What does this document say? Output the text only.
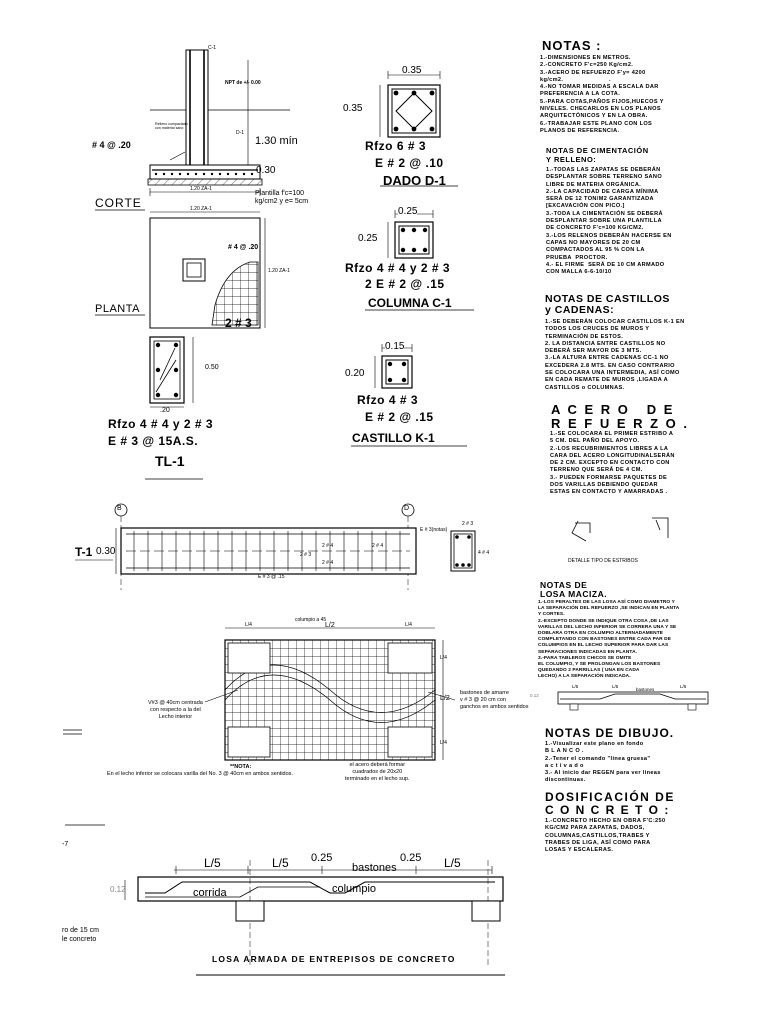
C-1
NPT de +/- 0.00
Relleno compactado con material sano
D-1
1.30 mín
# 4 @ .20
0.30
1.20 ZA-1
Plantilla f'c=100
kg/cm2 y e= 5cm
CORTE	1.20 ZA-1
1.20 ZA-1
# 4 @ .20
PLANTA
2 # 3
0.50
.20
Rfzo 4 # 4 y 2 # 3
E # 3 @ 15A.S.
TL-1
0.35
0.35
Rfzo 6 # 3
E # 2 @ .10
DADO D-1
0.25
0.25
Rfzo 4 # 4 y 2 # 3
2 E # 2 @ .15
COLUMNA C-1
0.15
0.20
Rfzo 4 # 3
E # 2 @ .15
CASTILLO K-1
B	D
T-1 0.30	2 # 4	2 # 4
2 # 3
2 # 4
E # 3 @ .15
E # 3(notas)
2 # 3
4 # 4
DETALLE TIPO DE ESTRIBOS
columpio a 45
L/4	L/2	L/4
L/4
L/2
L/4
V#3 @ 40cm centrada
con respecto a la del
Lecho interior
bastones de amarre
v # 3 @ 20 cm con
ganchos en ambos sentidos
el acero deberá formar
cuadrados de 20x20
terminado en el lecho sup.
**NOTA:
En el lecho inferior se colocara varilla del No. 3 @ 40cm en ambos sentidos.
L/5	L/5	L/5
bastones
0.12
-7
ro de 15 cm
le concreto
L/5	L/5	L/5
0.25	0.25
bastones
corrida	columpio
0.12
LOSA ARMADA DE ENTREPISOS DE CONCRETO
NOTAS :
1.-DIMENSIONES EN METROS.
2.-CONCRETO F'c=250 Kg/cm2.
3.-ACERO DE REFUERZO F'y= 4200
kg/cm2.                        .
4.-NO TOMAR MEDIDAS A ESCALA DAR
PREFERENCIA A LA COTA.
5.-PARA COTAS,PAÑOS FIJOS,HUECOS Y
NIVELES. CHECARLOS EN LOS PLANOS
ARQUITECTÓNICOS Y EN LA OBRA.
6.-TRABAJAR ESTE PLANO CON LOS
PLANOS DE REFERENCIA.
NOTAS DE CIMENTACIÓN
Y RELLENO:
1.-TODAS LAS ZAPATAS SE DEBERÁN
DESPLANTAR SOBRE TERRENO SANO
LIBRE DE MATERIA ORGÁNICA.
2.-LA CAPACIDAD DE CARGA MÍNIMA
SERÁ DE 12 TON/M2 GARANTIZADA
[EXCAVACIÓN CON PICO.]
3.-TODA LA CIMENTACIÓN SE DEBERÁ
DESPLANTAR SOBRE UNA PLANTILLA
DE CONCRETO F'c=100 KG/CM2.
3.-LOS RELENOS DEBERÁN HACERSE EN
CAPAS NO MAYORES DE 20 CM
COMPACTADOS AL 95 % CON LA
PRUEBA  PROCTOR.
4.- EL FIRME  SERÁ DE 10 CM ARMADO
CON MALLA 6-6-10/10
NOTAS DE CASTILLOS
y CADENAS:
1.-SE DEBERÁN COLOCAR CASTILLOS K-1 EN
TODOS LOS CRUCES DE MUROS Y
TERMINACIÓN DE ESTOS.
2. LA DISTANCIA ENTRE CASTILLOS NO
DEBERÁ SER MAYOR DE 3 MTS.
3.-LA ALTURA ENTRE CADENAS CC-1 NO
EXCEDERA 2.8 MTS. EN CASO CONTRARIO
SE COLOCARA UNA INTERMEDIA, ASÍ COMO
EN CADA REMATE DE MUROS ,LIGADA A
CASTILLOS o COLUMNAS.
A C E R O   D E
R E F U E R Z O .
1.-SE COLOCARA EL PRIMER ESTRIBO A
5 CM. DEL PAÑO DEL APOYO.
2.-LOS RECUBRIMIENTOS LIBRES A LA
CARA DEL ACERO LONGITUDINALSERÁN
DE 2 CM. EXCEPTO EN CONTACTO CON
TERRENO QUE SERÁ DE 4 CM.
3.- PUEDEN FORMARSE PAQUETES DE
DOS VARILLAS DEBIENDO QUEDAR
ESTAS EN CONTACTO Y AMARRADAS .
NOTAS DE
LOSA MACIZA.
1.-LOS PERALTES DE LAS LOSA ASÍ COMO DIAMETRO Y
LA SEPARACIÓN DEL REFUERZO ,SE INDICAN EN PLANTA
Y CORTES.
2.-EXCEPTO DONDE SE INDIQUE OTRA COSA ,DE LAS
VARILLAS DEL LECHO INFERIOR SE CORRERA UNA Y SE
DOBLARA OTRA EN COLUMPIO ALTERNADAMENTE
COMPLETANDO CON BASTONES ENTRE CADA PAR DE
COLUMPIOS EN EL LECHO SUPERIOR PARA DAR LAS
SEPARACIONES INDICADAS EN PLANTA.
3.-PARA TABLEROS CHICOS SE OMITE
EL COLUMPIO, Y SE PROLONGAN LOS BASTONES
QUEDANDO 2 PARRILLAS ( UNA EN CADA
LECHO) A LA SEPARACIÓN INDICADA.
NOTAS DE DIBUJO.
1.-Visualizar este plano en fondo
B L A N C O .
2.-Tener el comando "linea gruesa"
a c t i v a d o
3.- Al inicio dar REGEN para ver lineas
discontinuas.
DOSIFICACIÓN DE
C O N C R E T O :
1.-CONCRETO HECHO EN OBRA F'C:250
KG/CM2 PARA ZAPATAS, DADOS,
COLUMNAS,CASTILLOS,TRABES Y
TRABES DE LIGA, ASÍ COMO PARA
LOSAS Y ESCALERAS.
